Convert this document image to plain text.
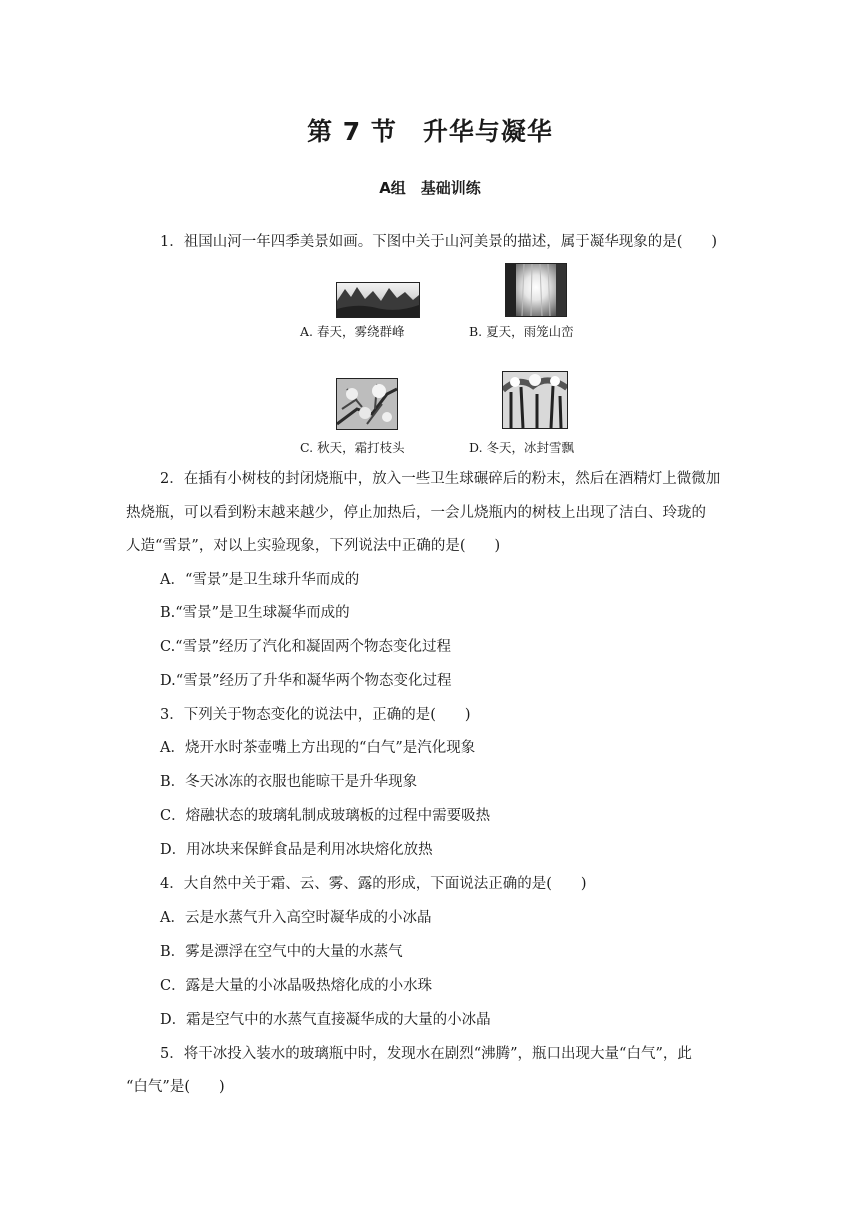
第 7 节　升华与凝华
A组　基础训练
1．祖国山河一年四季美景如画。下图中关于山河美景的描述，属于凝华现象的是(　　)
A. 春天，雾绕群峰	B. 夏天，雨笼山峦
C. 秋天，霜打枝头	D. 冬天，冰封雪飘
2．在插有小树枝的封闭烧瓶中，放入一些卫生球碾碎后的粉末，然后在酒精灯上微微加
热烧瓶，可以看到粉末越来越少，停止加热后，一会儿烧瓶内的树枝上出现了洁白、玲珑的
人造“雪景”，对以上实验现象，下列说法中正确的是(　　)
A．“雪景”是卫生球升华而成的
B.“雪景”是卫生球凝华而成的
C.“雪景”经历了汽化和凝固两个物态变化过程
D.“雪景”经历了升华和凝华两个物态变化过程
3．下列关于物态变化的说法中，正确的是(　　)
A．烧开水时茶壶嘴上方出现的“白气”是汽化现象
B．冬天冰冻的衣服也能晾干是升华现象
C．熔融状态的玻璃轧制成玻璃板的过程中需要吸热
D．用冰块来保鲜食品是利用冰块熔化放热
4．大自然中关于霜、云、雾、露的形成，下面说法正确的是(　　)
A．云是水蒸气升入高空时凝华成的小冰晶
B．雾是漂浮在空气中的大量的水蒸气
C．露是大量的小冰晶吸热熔化成的小水珠
D．霜是空气中的水蒸气直接凝华成的大量的小冰晶
5．将干冰投入装水的玻璃瓶中时，发现水在剧烈“沸腾”，瓶口出现大量“白气”，此
“白气”是(　　)
